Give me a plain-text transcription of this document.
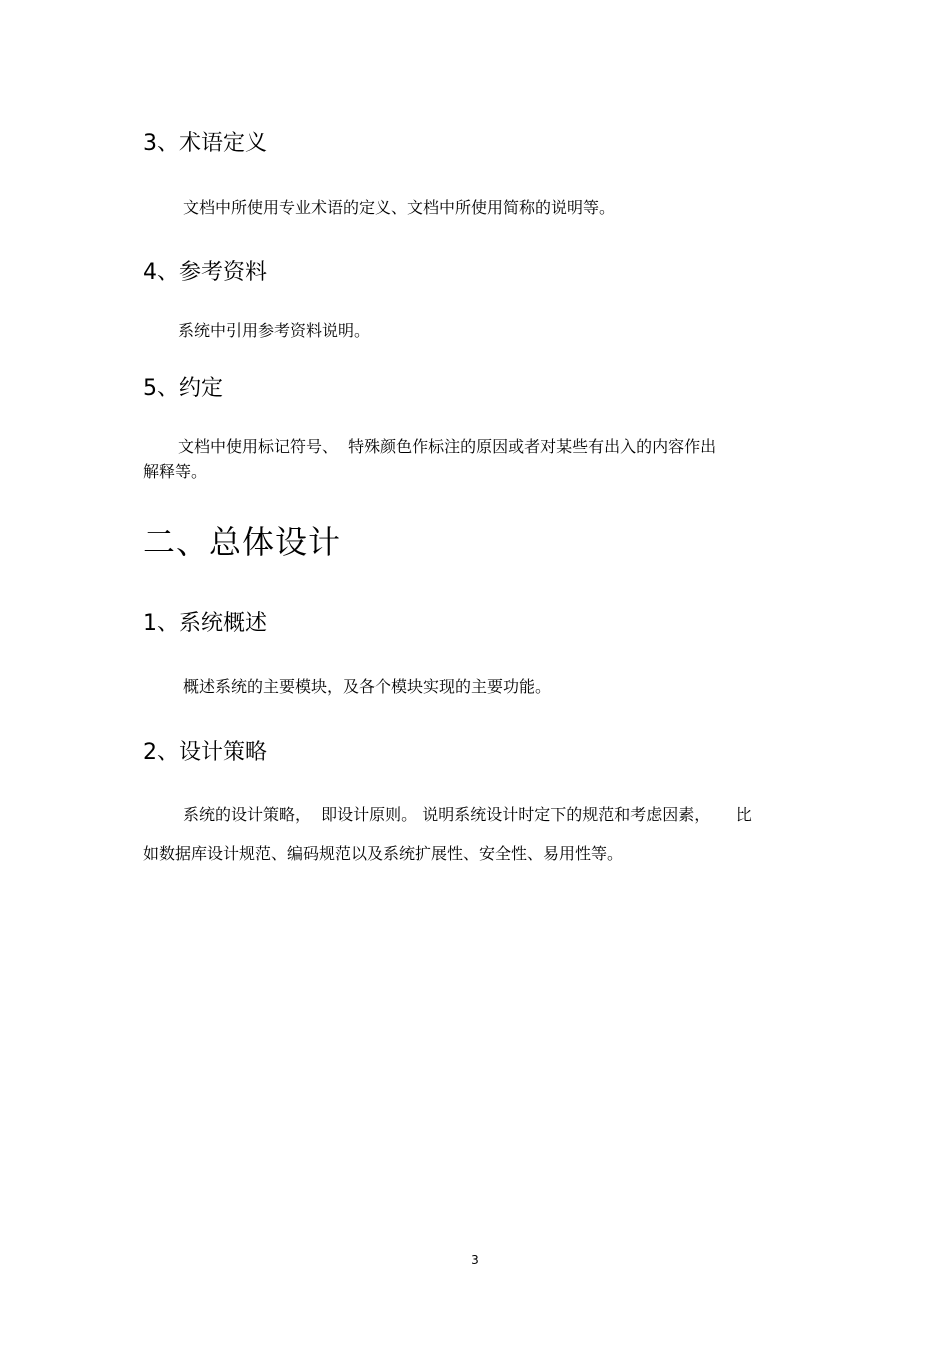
3、术语定义

文档中所使用专业术语的定义、文档中所使用简称的说明等。

4、参考资料

系统中引用参考资料说明。

5、约定

文档中使用标记符号、  特殊颜色作标注的原因或者对某些有出入的内容作出

解释等。

二、总体设计
1、系统概述

概述系统的主要模块，及各个模块实现的主要功能。

2、设计策略

系统的设计策略，  即设计原则。 说明系统设计时定下的规范和考虑因素，     比

如数据库设计规范、编码规范以及系统扩展性、安全性、易用性等。

3
